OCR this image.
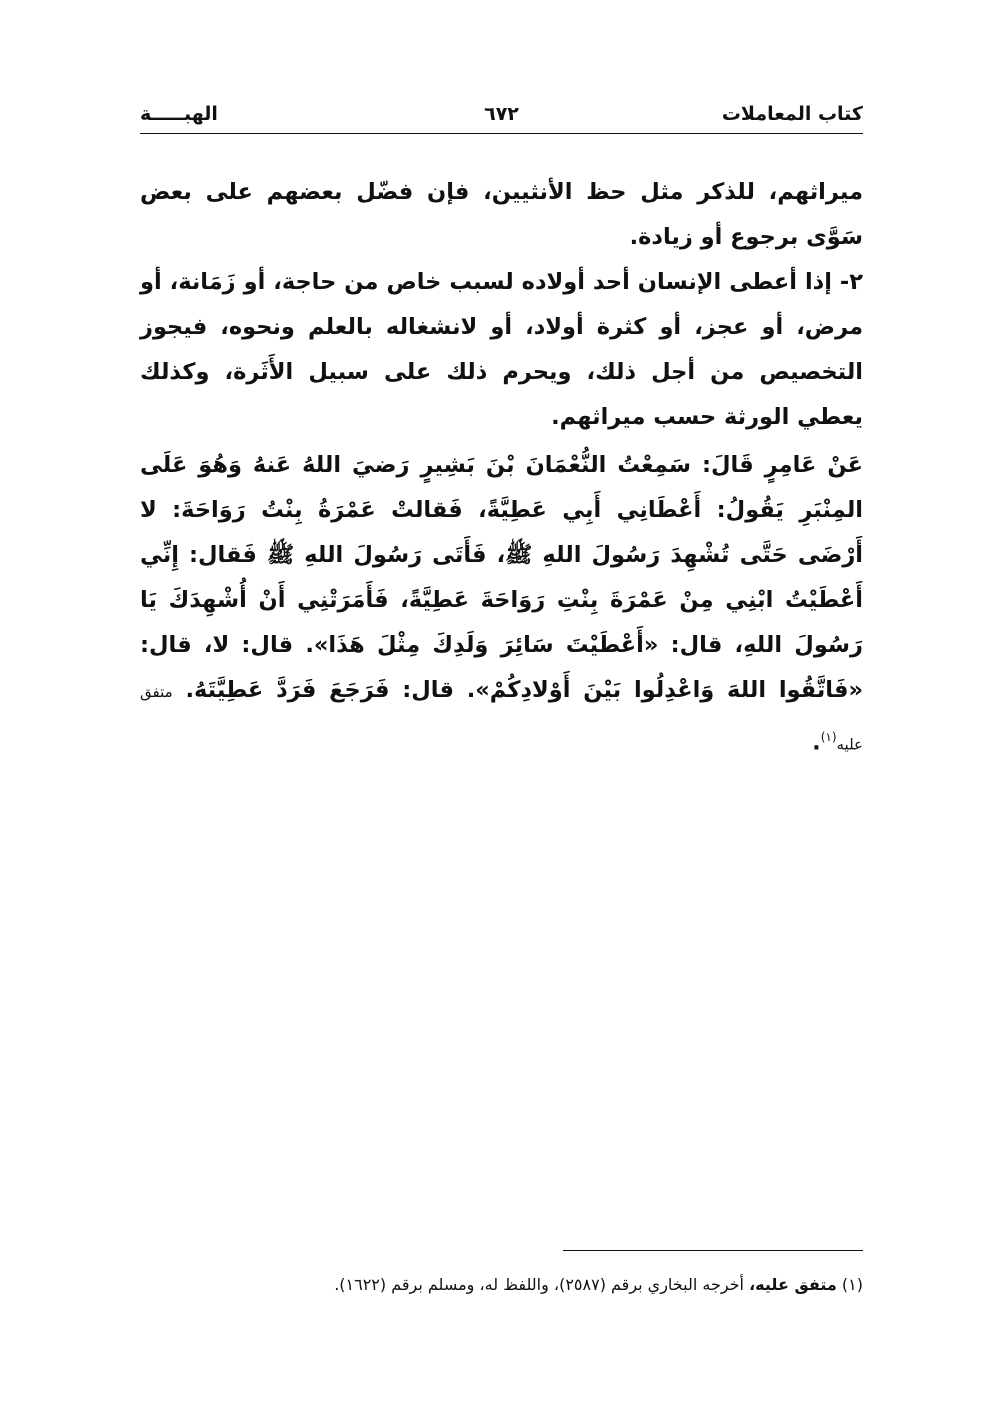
كتاب المعاملات
٦٧٢
الهبـــــة

ميراثهم، للذكر مثل حظ الأنثيين، فإن فضّل بعضهم على بعض سَوَّى برجوع أو زيادة.

٢- إذا أعطى الإنسان أحد أولاده لسبب خاص من حاجة، أو زَمَانة، أو مرض، أو عجز، أو كثرة أولاد، أو لانشغاله بالعلم ونحوه، فيجوز التخصيص من أجل ذلك، ويحرم ذلك على سبيل الأَثَرة، وكذلك يعطي الورثة حسب ميراثهم.

عَنْ عَامِرٍ قَالَ: سَمِعْتُ النُّعْمَانَ بْنَ بَشِيرٍ رَضيَ اللهُ عَنهُ وَهُوَ عَلَى المِنْبَرِ يَقُولُ: أَعْطَانِي أَبِي عَطِيَّةً، فَقالتْ عَمْرَةُ بِنْتُ رَوَاحَةَ: لا أَرْضَى حَتَّى تُشْهِدَ رَسُولَ اللهِ ﷺ، فَأَتَى رَسُولَ اللهِ ﷺ فَقال: إِنِّي أَعْطَيْتُ ابْنِي مِنْ عَمْرَةَ بِنْتِ رَوَاحَةَ عَطِيَّةً، فَأَمَرَتْنِي أَنْ أُشْهِدَكَ يَا رَسُولَ اللهِ، قال: «أَعْطَيْتَ سَائِرَ وَلَدِكَ مِثْلَ هَذَا». قال: لا، قال: «فَاتَّقُوا اللهَ وَاعْدِلُوا بَيْنَ أَوْلادِكُمْ». قال: فَرَجَعَ فَرَدَّ عَطِيَّتَهُ. متفق عليه$^{(١)}$.

(١) متفق عليه، أخرجه البخاري برقم (٢٥٨٧)، واللفظ له، ومسلم برقم (١٦٢٢).
